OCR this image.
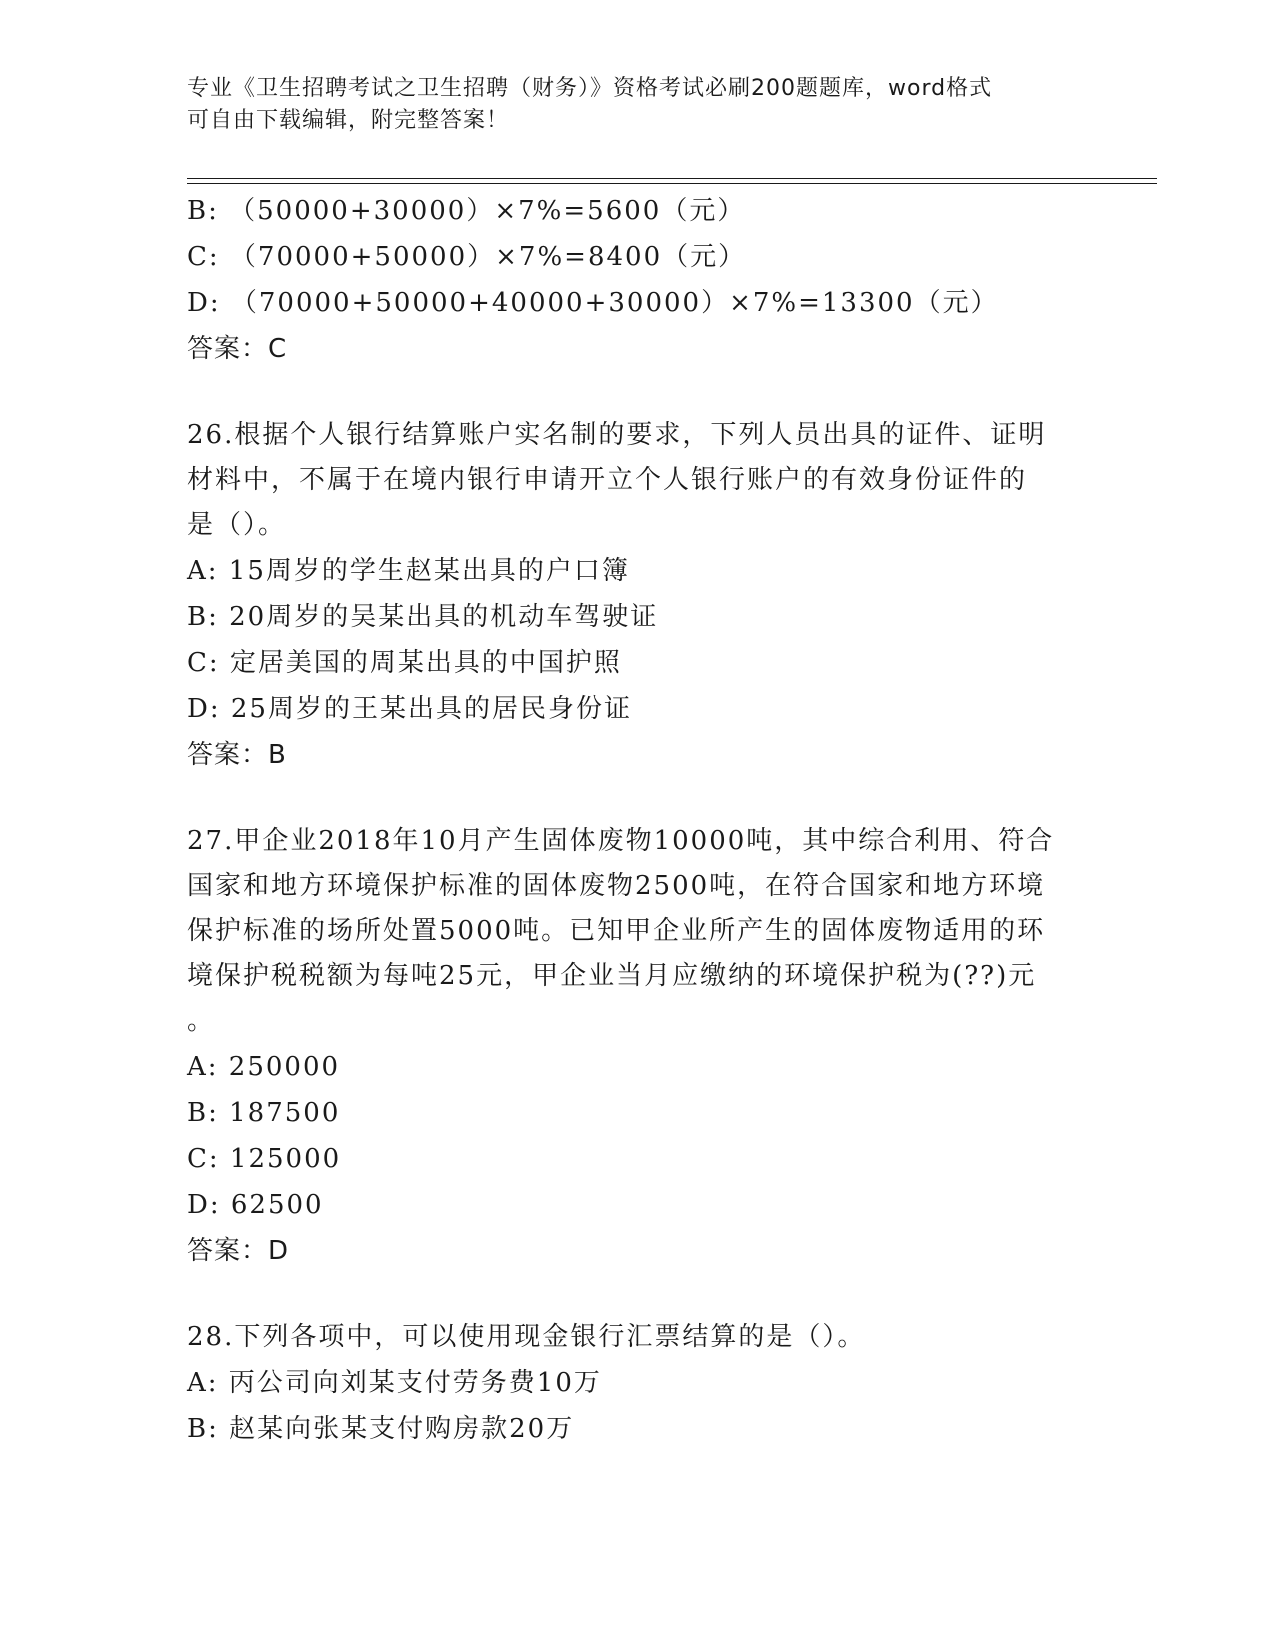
专业《卫生招聘考试之卫生招聘（财务）》资格考试必刷200题题库，word格式
可自由下载编辑，附完整答案！
B: （50000+30000）×7%=5600（元）
C: （70000+50000）×7%=8400（元）
D: （70000+50000+40000+30000）×7%=13300（元）
答案：C
26.根据个人银行结算账户实名制的要求，下列人员出具的证件、证明
材料中，不属于在境内银行申请开立个人银行账户的有效身份证件的
是（）。
A: 15周岁的学生赵某出具的户口簿
B: 20周岁的吴某出具的机动车驾驶证
C: 定居美国的周某出具的中国护照
D: 25周岁的王某出具的居民身份证
答案：B
27.甲企业2018年10月产生固体废物10000吨，其中综合利用、符合
国家和地方环境保护标准的固体废物2500吨，在符合国家和地方环境
保护标准的场所处置5000吨。已知甲企业所产生的固体废物适用的环
境保护税税额为每吨25元，甲企业当月应缴纳的环境保护税为(??)元
。
A: 250000
B: 187500
C: 125000
D: 62500
答案：D
28.下列各项中，可以使用现金银行汇票结算的是（）。
A: 丙公司向刘某支付劳务费10万
B: 赵某向张某支付购房款20万
